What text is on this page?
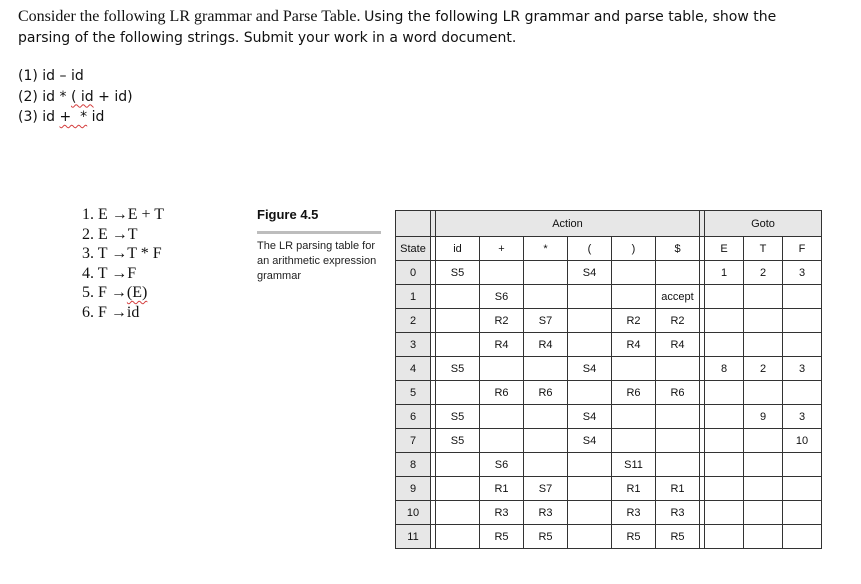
Consider the following LR grammar and Parse Table. Using the following LR grammar and parse table, show the parsing of the following strings. Submit your work in a word document.
(1) id – id
(2) id * ( id + id)
(3) id +  * id
1. E →E + T
2. E →T
3. T →T * F
4. T →F
5. F →(E)
6. F →id
Figure 4.5
The LR parsing table for an arithmetic expression grammar
		Action							Goto		
State		id	+	*	(	)	$		E	T	F
0		S5			S4				1	2	3
1			S6				accept				
2			R2	S7		R2	R2				
3			R4	R4		R4	R4				
4		S5			S4				8	2	3
5			R6	R6		R6	R6				
6		S5			S4					9	3
7		S5			S4						10
8			S6			S11					
9			R1	S7		R1	R1				
10			R3	R3		R3	R3				
11			R5	R5		R5	R5				
